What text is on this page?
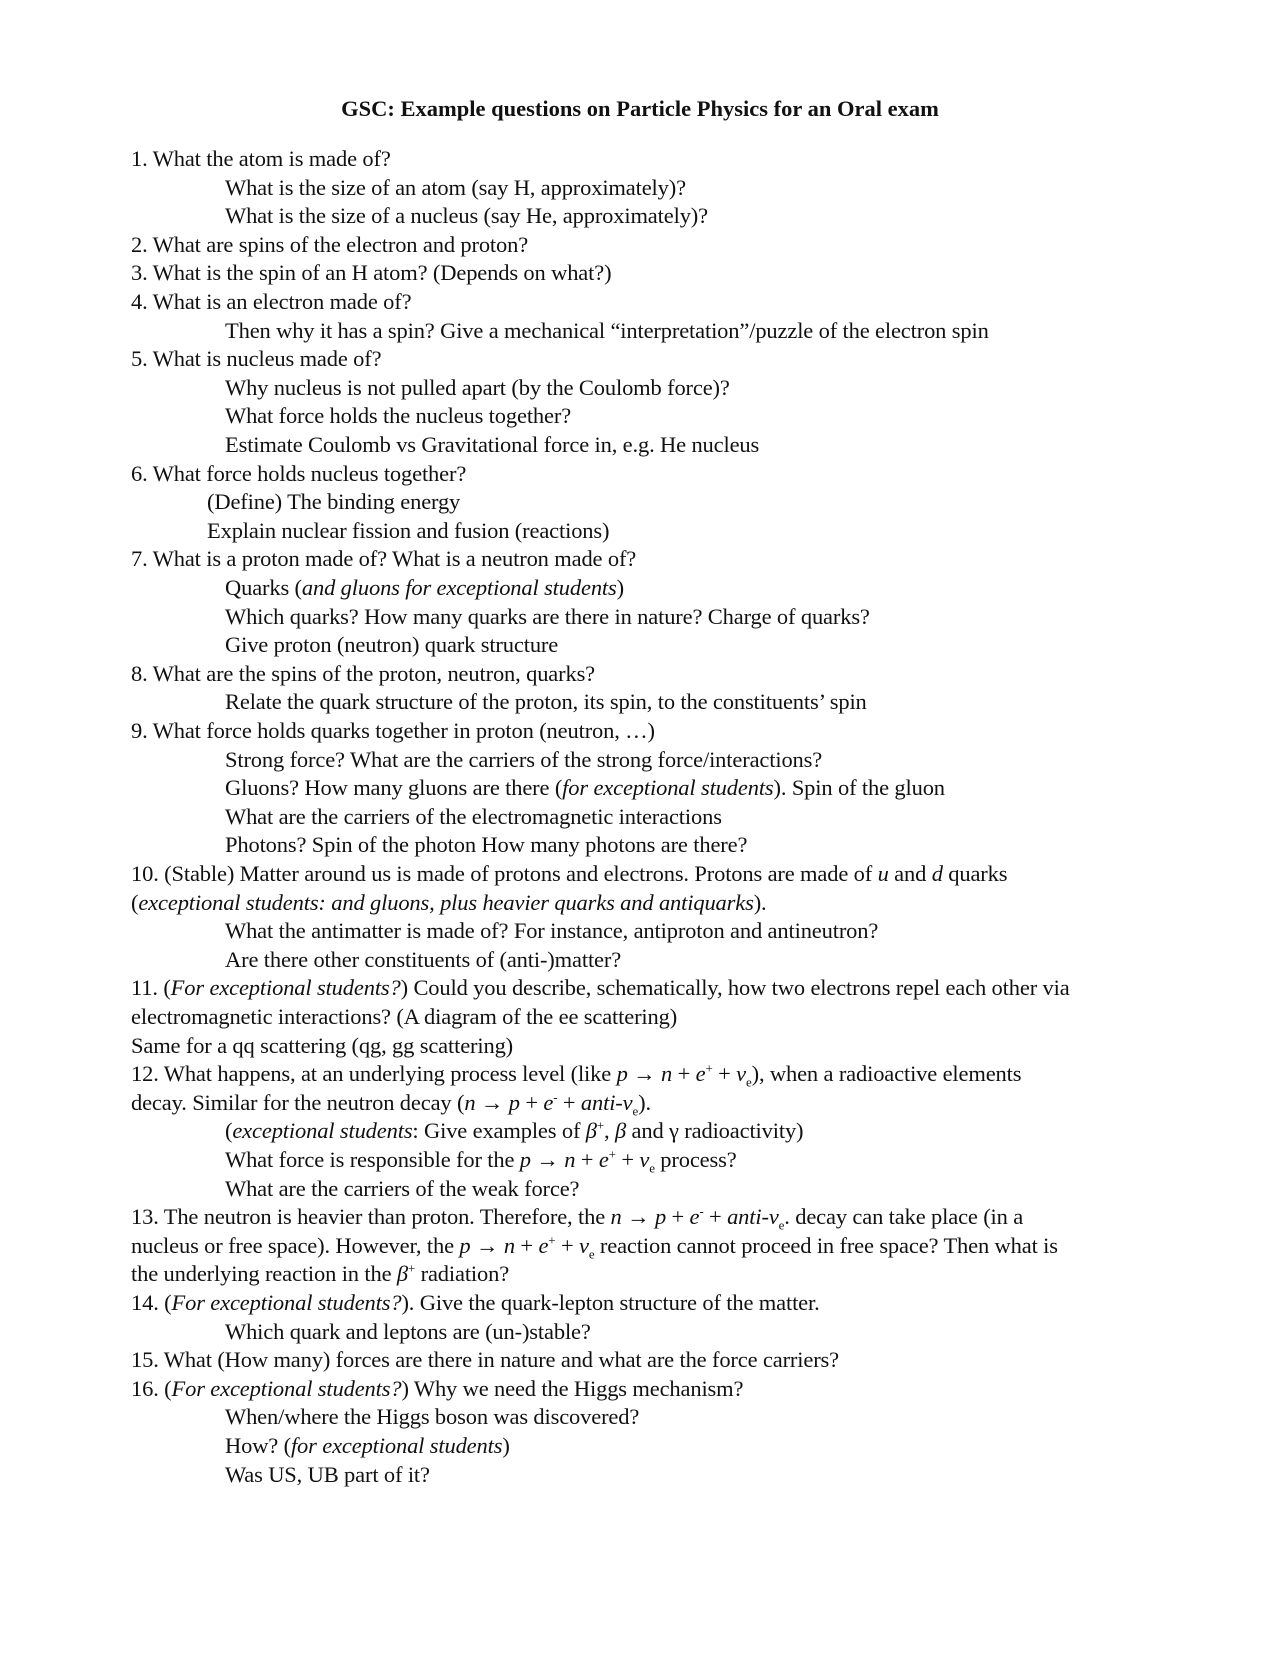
GSC: Example questions on Particle Physics for an Oral exam
1. What the atom is made of?
What is the size of an atom (say H, approximately)?
What is the size of a nucleus (say He, approximately)?
2. What are spins of the electron and proton?
3. What is the spin of an H atom? (Depends on what?)
4. What is an electron made of?
Then why it has a spin? Give a mechanical “interpretation”/puzzle of the electron spin
5. What is nucleus made of?
Why nucleus is not pulled apart (by the Coulomb force)?
What force holds the nucleus together?
Estimate Coulomb vs Gravitational force in, e.g. He nucleus
6. What force holds nucleus together?
(Define) The binding energy
Explain nuclear fission and fusion (reactions)
7. What is a proton made of? What is a neutron made of?
Quarks (and gluons for exceptional students)
Which quarks? How many quarks are there in nature? Charge of quarks?
Give proton (neutron) quark structure
8. What are the spins of the proton, neutron, quarks?
Relate the quark structure of the proton, its spin, to the constituents’ spin
9. What force holds quarks together in proton (neutron, …)
Strong force? What are the carriers of the strong force/interactions?
Gluons? How many gluons are there (for exceptional students). Spin of the gluon
What are the carriers of the electromagnetic interactions
Photons? Spin of the photon How many photons are there?
10. (Stable) Matter around us is made of protons and electrons. Protons are made of u and d quarks
(exceptional students: and gluons, plus heavier quarks and antiquarks).
What the antimatter is made of? For instance, antiproton and antineutron?
Are there other constituents of (anti-)matter?
11. (For exceptional students?) Could you describe, schematically, how two electrons repel each other via
electromagnetic interactions? (A diagram of the ee scattering)
Same for a qq scattering (qg, gg scattering)
12. What happens, at an underlying process level (like $p \to n + e^+ + \nu_e$), when a radioactive elements
decay. Similar for the neutron decay (n → p + e- + anti-$\nu_e$).
(exceptional students: Give examples of β+, β and γ radioactivity)
What force is responsible for the $p \to n + e^+ + \nu_e$ process?
What are the carriers of the weak force?
13. The neutron is heavier than proton. Therefore, the n → p + e- + anti-$\nu_e$. decay can take place (in a
nucleus or free space). However, the $p \to n + e^+ + \nu_e$ reaction cannot proceed in free space? Then what is
the underlying reaction in the β+ radiation?
14. (For exceptional students?). Give the quark-lepton structure of the matter.
Which quark and leptons are (un-)stable?
15. What (How many) forces are there in nature and what are the force carriers?
16. (For exceptional students?) Why we need the Higgs mechanism?
When/where the Higgs boson was discovered?
How? (for exceptional students)
Was US, UB part of it?
